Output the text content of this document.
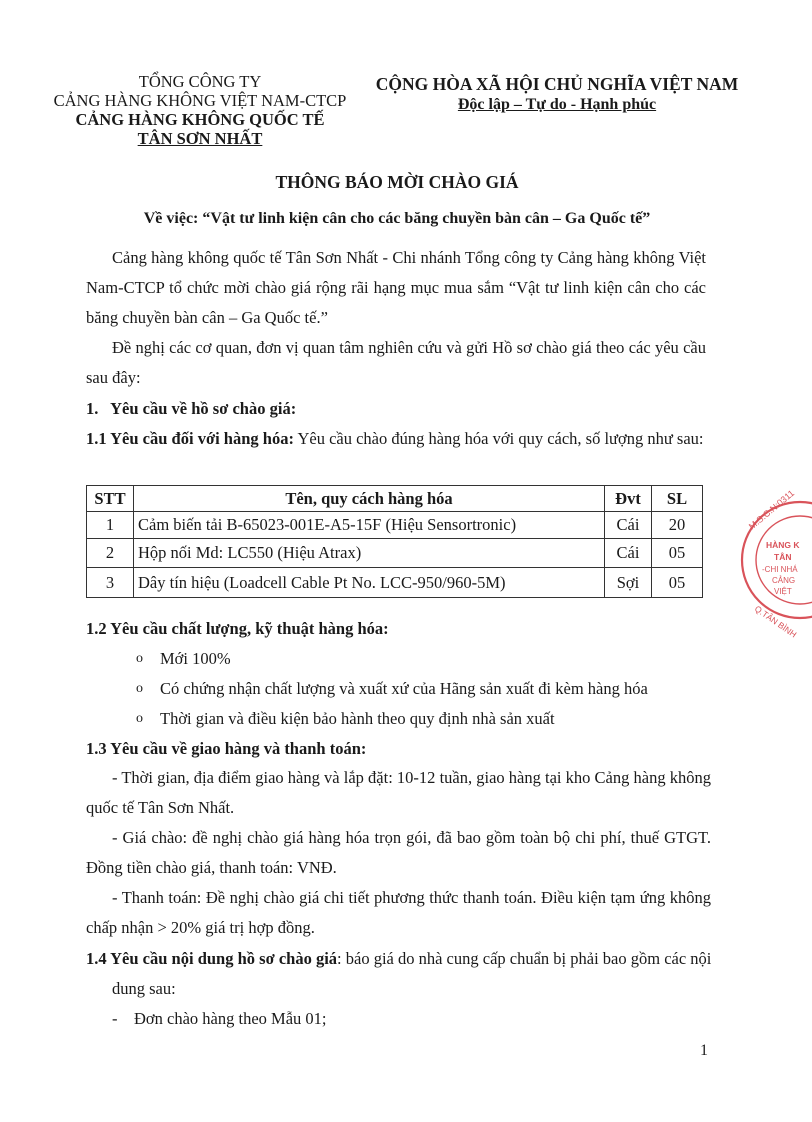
TỔNG CÔNG TY
CẢNG HÀNG KHÔNG VIỆT NAM-CTCP
CẢNG HÀNG KHÔNG QUỐC TẾ
TÂN SƠN NHẤT
CỘNG HÒA XÃ HỘI CHỦ NGHĨA VIỆT NAM
Độc lập – Tự do - Hạnh phúc
THÔNG BÁO MỜI CHÀO GIÁ
Về việc: “Vật tư linh kiện cân cho các băng chuyền bàn cân – Ga Quốc tế”
Cảng hàng không quốc tế Tân Sơn Nhất - Chi nhánh Tổng công ty Cảng hàng không Việt Nam-CTCP tổ chức mời chào giá rộng rãi hạng mục mua sắm “Vật tư linh kiện cân cho các băng chuyền bàn cân – Ga Quốc tế.”
Đề nghị các cơ quan, đơn vị quan tâm nghiên cứu và gửi Hồ sơ chào giá theo các yêu cầu sau đây:
1. Yêu cầu về hồ sơ chào giá:
1.1 Yêu cầu đối với hàng hóa: Yêu cầu chào đúng hàng hóa với quy cách, số lượng như sau:
STT	Tên, quy cách hàng hóa	Đvt	SL
1	Cảm biến tải B-65023-001E-A5-15F (Hiệu Sensortronic)	Cái	20
2	Hộp nối Md: LC550 (Hiệu Atrax)	Cái	05
3	Dây tín hiệu (Loadcell Cable Pt No. LCC-950/960-5M)	Sợi	05
1.2 Yêu cầu chất lượng, kỹ thuật hàng hóa:
o Mới 100%
o Có chứng nhận chất lượng và xuất xứ của Hãng sản xuất đi kèm hàng hóa
o Thời gian và điều kiện bảo hành theo quy định nhà sản xuất
1.3 Yêu cầu về giao hàng và thanh toán:
- Thời gian, địa điểm giao hàng và lắp đặt: 10-12 tuần, giao hàng tại kho Cảng hàng không quốc tế Tân Sơn Nhất.
- Giá chào: đề nghị chào giá hàng hóa trọn gói, đã bao gồm toàn bộ chi phí, thuế GTGT. Đồng tiền chào giá, thanh toán: VNĐ.
- Thanh toán: Đề nghị chào giá chi tiết phương thức thanh toán. Điều kiện tạm ứng không chấp nhận > 20% giá trị hợp đồng.
1.4 Yêu cầu nội dung hồ sơ chào giá: báo giá do nhà cung cấp chuẩn bị phải bao gồm các nội dung sau:
- Đơn chào hàng theo Mẫu 01;
M.S.C.N:0311
HÀNG K
TÂN
-CHI NHÁ
CẢNG
VIỆT
Q.TÂN BÌNH
1
